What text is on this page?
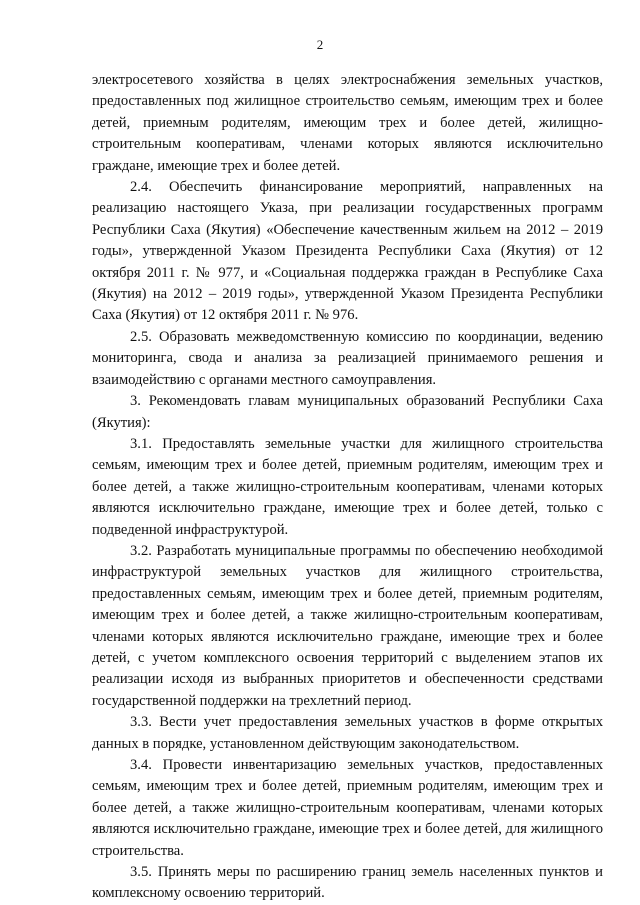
2

электросетевого хозяйства в целях электроснабжения земельных участков, предоставленных под жилищное строительство семьям, имеющим трех и более детей, приемным родителям, имеющим трех и более детей, жилищно-строительным кооперативам, членами которых являются исключительно граждане, имеющие трех и более детей.

2.4. Обеспечить финансирование мероприятий, направленных на реализацию настоящего Указа, при реализации государственных программ Республики Саха (Якутия) «Обеспечение качественным жильем на 2012 – 2019 годы», утвержденной Указом Президента Республики Саха (Якутия) от 12 октября 2011 г. № 977, и «Социальная поддержка граждан в Республике Саха (Якутия) на 2012 – 2019 годы», утвержденной Указом Президента Республики Саха (Якутия) от 12 октября 2011 г. № 976.

2.5. Образовать межведомственную комиссию по координации, ведению мониторинга, свода и анализа за реализацией принимаемого решения и взаимодействию с органами местного самоуправления.

3. Рекомендовать главам муниципальных образований Республики Саха (Якутия):

3.1. Предоставлять земельные участки для жилищного строительства семьям, имеющим трех и более детей, приемным родителям, имеющим трех и более детей, а также жилищно-строительным кооперативам, членами которых являются исключительно граждане, имеющие трех и более детей, только с подведенной инфраструктурой.

3.2. Разработать муниципальные программы по обеспечению необходимой инфраструктурой земельных участков для жилищного строительства, предоставленных семьям, имеющим трех и более детей, приемным родителям, имеющим трех и более детей, а также жилищно-строительным кооперативам, членами которых являются исключительно граждане, имеющие трех и более детей, с учетом комплексного освоения территорий с выделением этапов их реализации исходя из выбранных приоритетов и обеспеченности средствами государственной поддержки на трехлетний период.

3.3. Вести учет предоставления земельных участков в форме открытых данных в порядке, установленном действующим законодательством.

3.4. Провести инвентаризацию земельных участков, предоставленных семьям, имеющим трех и более детей, приемным родителям, имеющим трех и более детей, а также жилищно-строительным кооперативам, членами которых являются исключительно граждане, имеющие трех и более детей, для жилищного строительства.

3.5. Принять меры по расширению границ земель населенных пунктов и комплексному освоению территорий.
